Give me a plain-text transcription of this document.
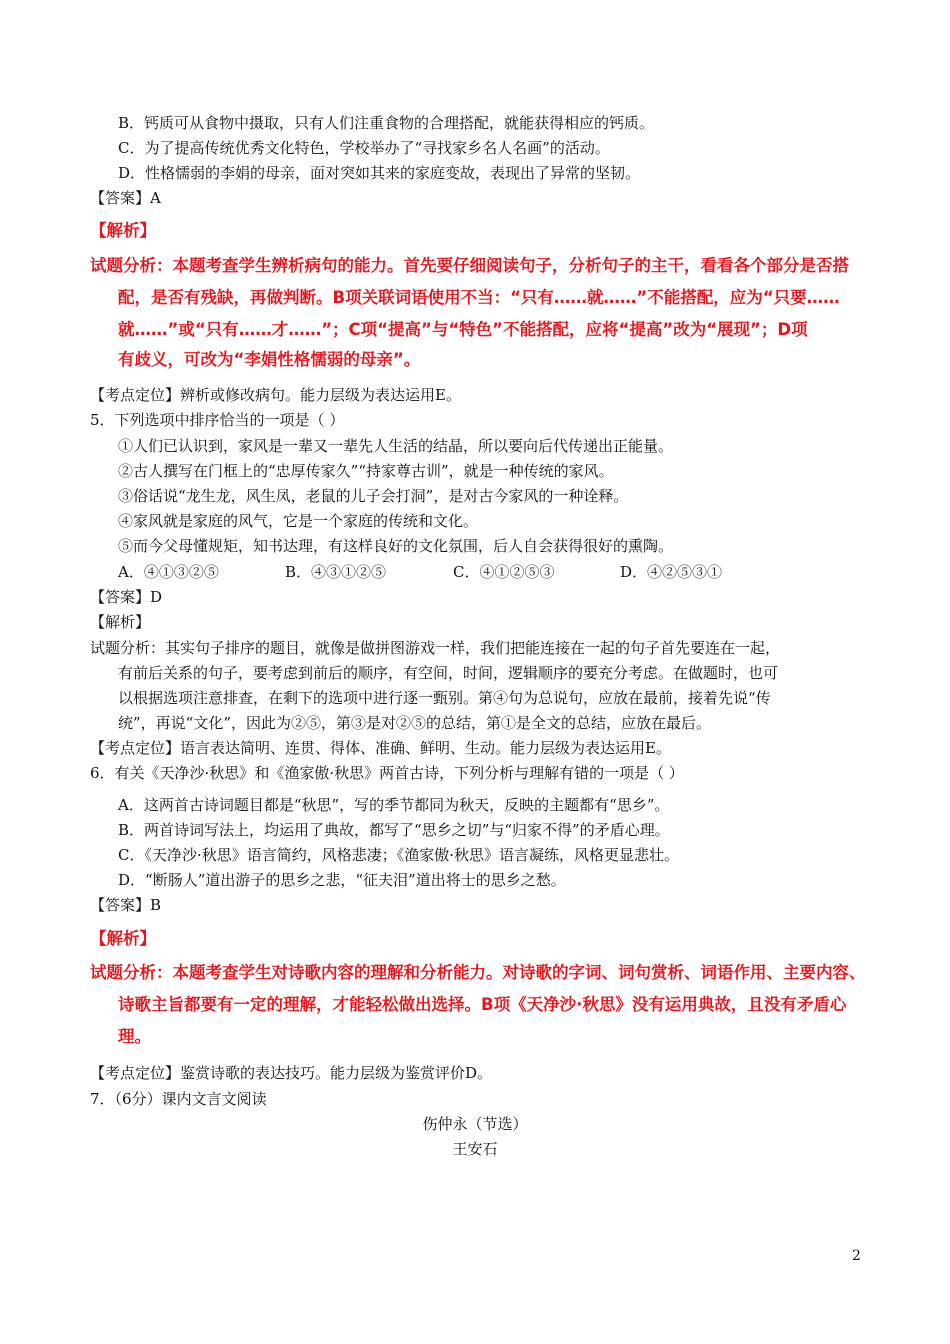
B．钙质可从食物中摄取，只有人们注重食物的合理搭配，就能获得相应的钙质。
C．为了提高传统优秀文化特色，学校举办了“寻找家乡名人名画”的活动。
D．性格懦弱的李娟的母亲，面对突如其来的家庭变故，表现出了异常的坚韧。
【答案】A
【解析】
试题分析：本题考查学生辨析病句的能力。首先要仔细阅读句子，分析句子的主干，看看各个部分是否搭
配，是否有残缺，再做判断。B项关联词语使用不当：“只有……就……”不能搭配，应为“只要……
就……”或“只有……才……”；C项“提高”与“特色”不能搭配，应将“提高”改为“展现”；D项
有歧义，可改为“李娟性格懦弱的母亲”。
【考点定位】辨析或修改病句。能力层级为表达运用E。
5．下列选项中排序恰当的一项是（ ）
①人们已认识到，家风是一辈又一辈先人生活的结晶，所以要向后代传递出正能量。
②古人撰写在门框上的“忠厚传家久”“持家尊古训”，就是一种传统的家风。
③俗话说“龙生龙，风生凤，老鼠的儿子会打洞”，是对古今家风的一种诠释。
④家风就是家庭的风气，它是一个家庭的传统和文化。
⑤而今父母懂规矩，知书达理，有这样良好的文化氛围，后人自会获得很好的熏陶。
A．④①③②⑤	B．④③①②⑤	C．④①②⑤③	D．④②⑤③①
【答案】D
【解析】
试题分析：其实句子排序的题目，就像是做拼图游戏一样，我们把能连接在一起的句子首先要连在一起，
有前后关系的句子，要考虑到前后的顺序，有空间，时间，逻辑顺序的要充分考虑。在做题时，也可
以根据选项注意排查，在剩下的选项中进行逐一甄别。第④句为总说句，应放在最前，接着先说“传
统”，再说“文化”，因此为②⑤，第③是对②⑤的总结，第①是全文的总结，应放在最后。
【考点定位】语言表达简明、连贯、得体、准确、鲜明、生动。能力层级为表达运用E。
6．有关《天净沙·秋思》和《渔家傲·秋思》两首古诗，下列分析与理解有错的一项是（ ）
A．这两首古诗词题目都是“秋思”，写的季节都同为秋天，反映的主题都有“思乡”。
B．两首诗词写法上，均运用了典故，都写了“思乡之切”与“归家不得”的矛盾心理。
C．《天净沙·秋思》语言简约，风格悲凄；《渔家傲·秋思》语言凝练，风格更显悲壮。
D．“断肠人”道出游子的思乡之悲，“征夫泪”道出将士的思乡之愁。
【答案】B
【解析】
试题分析：本题考查学生对诗歌内容的理解和分析能力。对诗歌的字词、词句赏析、词语作用、主要内容、
诗歌主旨都要有一定的理解，才能轻松做出选择。B项《天净沙·秋思》没有运用典故，且没有矛盾心
理。
【考点定位】鉴赏诗歌的表达技巧。能力层级为鉴赏评价D。
7．（6分）课内文言文阅读
伤仲永（节选）
王安石
2
